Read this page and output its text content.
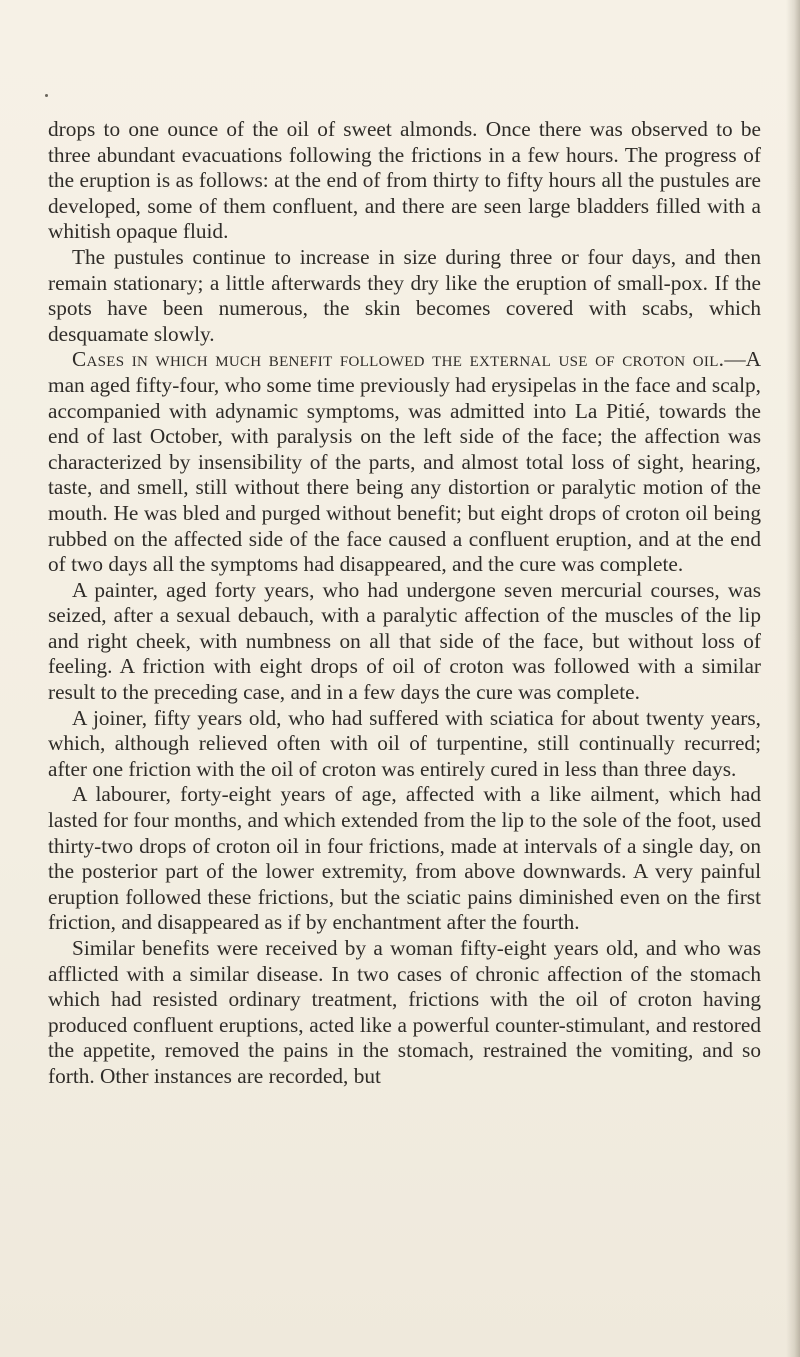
drops to one ounce of the oil of sweet almonds. Once there was observed to be three abundant evacuations following the frictions in a few hours. The progress of the eruption is as follows: at the end of from thirty to fifty hours all the pustules are developed, some of them confluent, and there are seen large bladders filled with a whitish opaque fluid.

The pustules continue to increase in size during three or four days, and then remain stationary; a little afterwards they dry like the eruption of small-pox. If the spots have been numerous, the skin becomes covered with scabs, which desquamate slowly.

Cases in which much benefit followed the external use of croton oil.—A man aged fifty-four, who some time previously had erysipelas in the face and scalp, accompanied with adynamic symptoms, was admitted into La Pitié, towards the end of last October, with paralysis on the left side of the face; the affection was characterized by insensibility of the parts, and almost total loss of sight, hearing, taste, and smell, still without there being any distortion or paralytic motion of the mouth. He was bled and purged without benefit; but eight drops of croton oil being rubbed on the affected side of the face caused a confluent eruption, and at the end of two days all the symptoms had disappeared, and the cure was complete.

A painter, aged forty years, who had undergone seven mercurial courses, was seized, after a sexual debauch, with a paralytic affection of the muscles of the lip and right cheek, with numbness on all that side of the face, but without loss of feeling. A friction with eight drops of oil of croton was followed with a similar result to the preceding case, and in a few days the cure was complete.

A joiner, fifty years old, who had suffered with sciatica for about twenty years, which, although relieved often with oil of turpentine, still continually recurred; after one friction with the oil of croton was entirely cured in less than three days.

A labourer, forty-eight years of age, affected with a like ailment, which had lasted for four months, and which extended from the lip to the sole of the foot, used thirty-two drops of croton oil in four frictions, made at intervals of a single day, on the posterior part of the lower extremity, from above downwards. A very painful eruption followed these frictions, but the sciatic pains diminished even on the first friction, and disappeared as if by enchantment after the fourth.

Similar benefits were received by a woman fifty-eight years old, and who was afflicted with a similar disease. In two cases of chronic affection of the stomach which had resisted ordinary treatment, frictions with the oil of croton having produced confluent eruptions, acted like a powerful counter-stimulant, and restored the appetite, removed the pains in the stomach, restrained the vomiting, and so forth. Other instances are recorded, but
